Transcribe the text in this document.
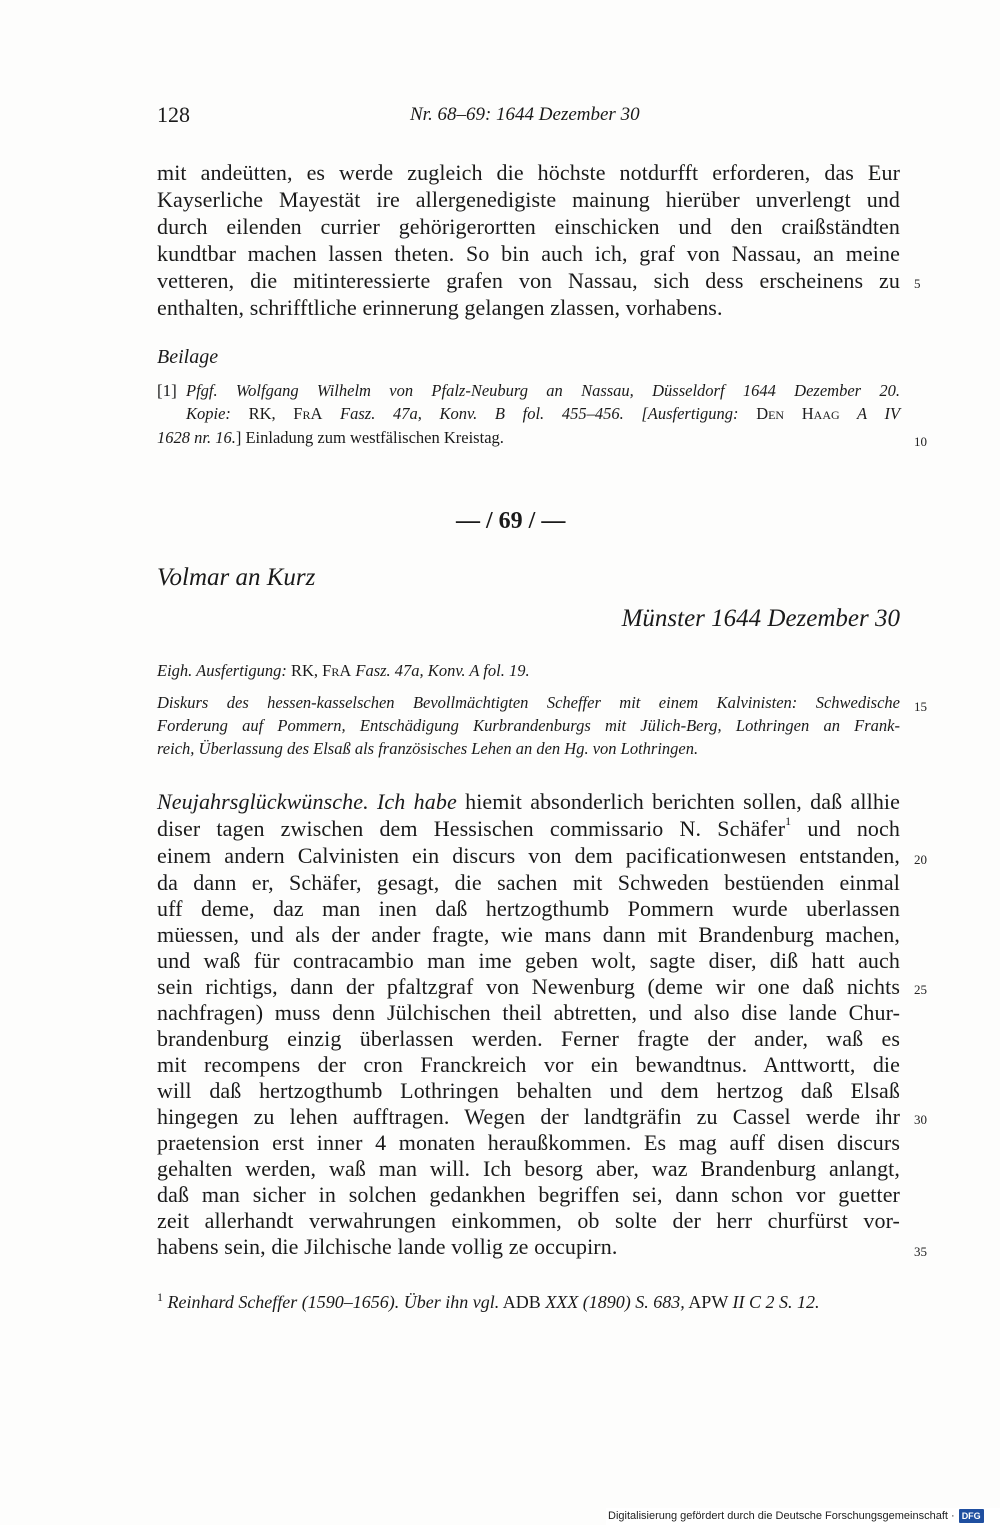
128	Nr. 68–69: 1644 Dezember 30
mit andeütten, es werde zugleich die höchste notdurfft erforderen, das Eur
Kayserliche Mayestät ire allergenedigiste mainung hierüber unverlengt und
durch eilenden currier gehörigerortten einschicken und den craißständten
kundtbar machen lassen theten. So bin auch ich, graf von Nassau, an meine
vetteren, die mitinteressierte grafen von Nassau, sich dess erscheinens zu
enthalten, schrifftliche erinnerung gelangen zlassen, vorhabens.
5
Beilage
[1] Pfgf. Wolfgang Wilhelm von Pfalz-Neuburg an Nassau, Düsseldorf 1644 Dezember 20.
Kopie: RK, FrA Fasz. 47a, Konv. B fol. 455–456. [Ausfertigung: Den Haag A IV
1628 nr. 16.] Einladung zum westfälischen Kreistag.	10
— / 69 / —
Volmar an Kurz
Münster 1644 Dezember 30
Eigh. Ausfertigung: RK, FrA Fasz. 47a, Konv. A fol. 19.
Diskurs des hessen-kasselschen Bevollmächtigten Scheffer mit einem Kalvinisten: Schwedische
Forderung auf Pommern, Entschädigung Kurbrandenburgs mit Jülich-Berg, Lothringen an Frank-
reich, Überlassung des Elsaß als französisches Lehen an den Hg. von Lothringen.
15
Neujahrsglückwünsche. Ich habe hiemit absonderlich berichten sollen, daß allhie
diser tagen zwischen dem Hessischen commissario N. Schäfer$^1$ und noch
einem andern Calvinisten ein discurs von dem pacificationwesen entstanden,
da dann er, Schäfer, gesagt, die sachen mit Schweden bestüenden einmal
uff deme, daz man inen daß hertzogthumb Pommern wurde uberlassen
müessen, und als der ander fragte, wie mans dann mit Brandenburg machen,
und waß für contracambio man ime geben wolt, sagte diser, diß hatt auch
sein richtigs, dann der pfaltzgraf von Newenburg (deme wir one daß nichts
nachfragen) muss denn Jülchischen theil abtretten, und also dise lande Chur-
brandenburg einzig überlassen werden. Ferner fragte der ander, waß es
mit recompens der cron Franckreich vor ein bewandtnus. Anttwortt, die
will daß hertzogthumb Lothringen behalten und dem hertzog daß Elsaß
hingegen zu lehen aufftragen. Wegen der landtgräfin zu Cassel werde ihr
praetension erst inner 4 monaten heraußkommen. Es mag auff disen discurs
gehalten werden, waß man will. Ich besorg aber, waz Brandenburg anlangt,
daß man sicher in solchen gedankhen begriffen sei, dann schon vor guetter
zeit allerhandt verwahrungen einkommen, ob solte der herr churfürst vor-
habens sein, die Jilchische lande vollig ze occupirn.
20
25
30
35
$^1$ Reinhard Scheffer (1590–1656). Über ihn vgl. ADB XXX (1890) S. 683, APW II C 2 S. 12.
Digitalisierung gefördert durch die Deutsche Forschungsgemeinschaft · DFG
